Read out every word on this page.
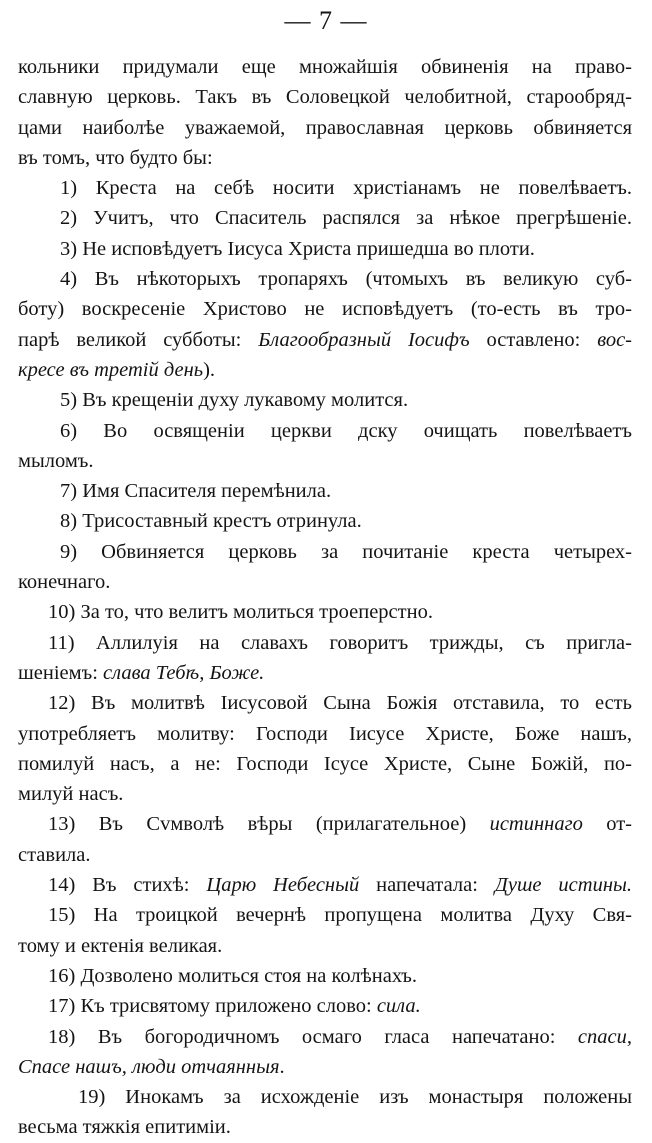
— 7 —
кольники придумали еще множайшія обвиненія на право-
славную церковь. Такъ въ Соловецкой челобитной, старообряд-
цами наиболѣе уважаемой, православная церковь обвиняется
въ томъ, что будто бы:
1) Креста на себѣ носити христіанамъ не повелѣваетъ.
2) Учитъ, что Спаситель распялся за нѣкое прегрѣшеніе.
3) Не исповѣдуетъ Іисуса Христа пришедша во плоти.
4) Въ нѣкоторыхъ тропаряхъ (чтомыхъ въ великую суб-
боту) воскресеніе Христово не исповѣдуетъ (то-есть въ тро-
парѣ великой субботы: Благообразный Іосифъ оставлено: вос-
кресе въ третій день).
5) Въ крещеніи духу лукавому молится.
6) Во освященіи церкви дску очищать повелѣваетъ
мыломъ.
7) Имя Спасителя перемѣнила.
8) Трисоставный крестъ отринула.
9) Обвиняется церковь за почитаніе креста четырех-
конечнаго.
10) За то, что велитъ молиться троеперстно.
11) Аллилуія на славахъ говоритъ трижды, съ пригла-
шеніемъ: слава Тебѣ, Боже.
12) Въ молитвѣ Іисусовой Сына Божія отставила, то есть
употребляетъ молитву: Господи Іисусе Христе, Боже нашъ,
помилуй насъ, а не: Господи Ісусе Христе, Сыне Божій, по-
милуй насъ.
13) Въ Сvмволѣ вѣры (прилагательное) истиннаго от-
ставила.
14) Въ стихѣ: Царю Небесный напечатала: Душе истины.
15) На троицкой вечернѣ пропущена молитва Духу Свя-
тому и ектенія великая.
16) Дозволено молиться стоя на колѣнахъ.
17) Къ трисвятому приложено слово: сила.
18) Въ богородичномъ осмаго гласа напечатано: спаси,
Спасе нашъ, люди отчаянныя.
19) Инокамъ за исхожденіе изъ монастыря положены
весьма тяжкія епитиміи.
